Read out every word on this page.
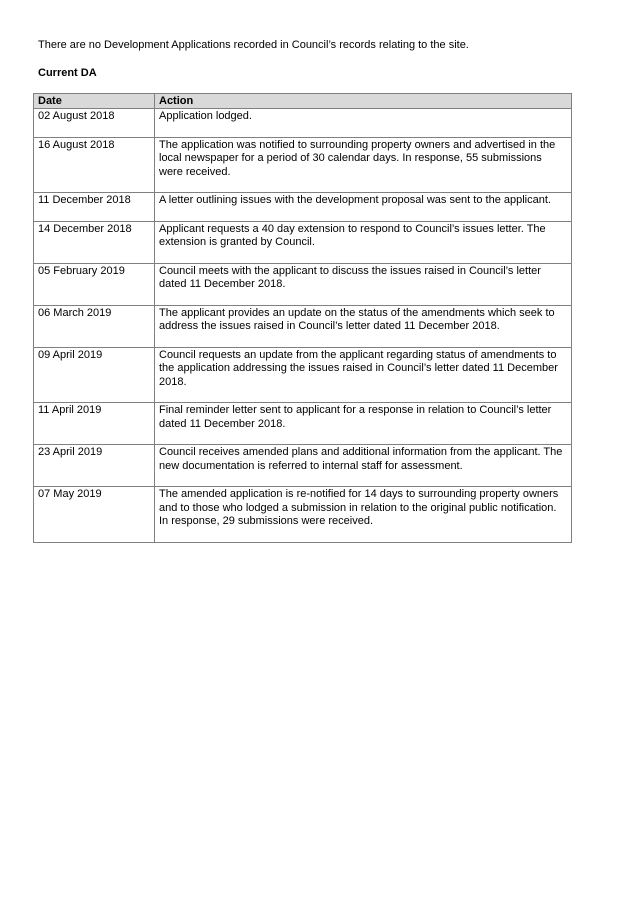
There are no Development Applications recorded in Council’s records relating to the site.

Current DA

Date	Action
02 August 2018	Application lodged.
16 August 2018	The application was notified to surrounding property owners and advertised in the local newspaper for a period of 30 calendar days. In response, 55 submissions were received.
11 December 2018	A letter outlining issues with the development proposal was sent to the applicant.
14 December 2018	Applicant requests a 40 day extension to respond to Council’s issues letter. The extension is granted by Council.
05 February 2019	Council meets with the applicant to discuss the issues raised in Council’s letter dated 11 December 2018.
06 March 2019	The applicant provides an update on the status of the amendments which seek to address the issues raised in Council’s letter dated 11 December 2018.
09 April 2019	Council requests an update from the applicant regarding status of amendments to the application addressing the issues raised in Council’s letter dated 11 December 2018.
11 April 2019	Final reminder letter sent to applicant for a response in relation to Council’s letter dated 11 December 2018.
23 April 2019	Council receives amended plans and additional information from the applicant. The new documentation is referred to internal staff for assessment.
07 May 2019	The amended application is re-notified for 14 days to surrounding property owners and to those who lodged a submission in relation to the original public notification. In response, 29 submissions were received.
